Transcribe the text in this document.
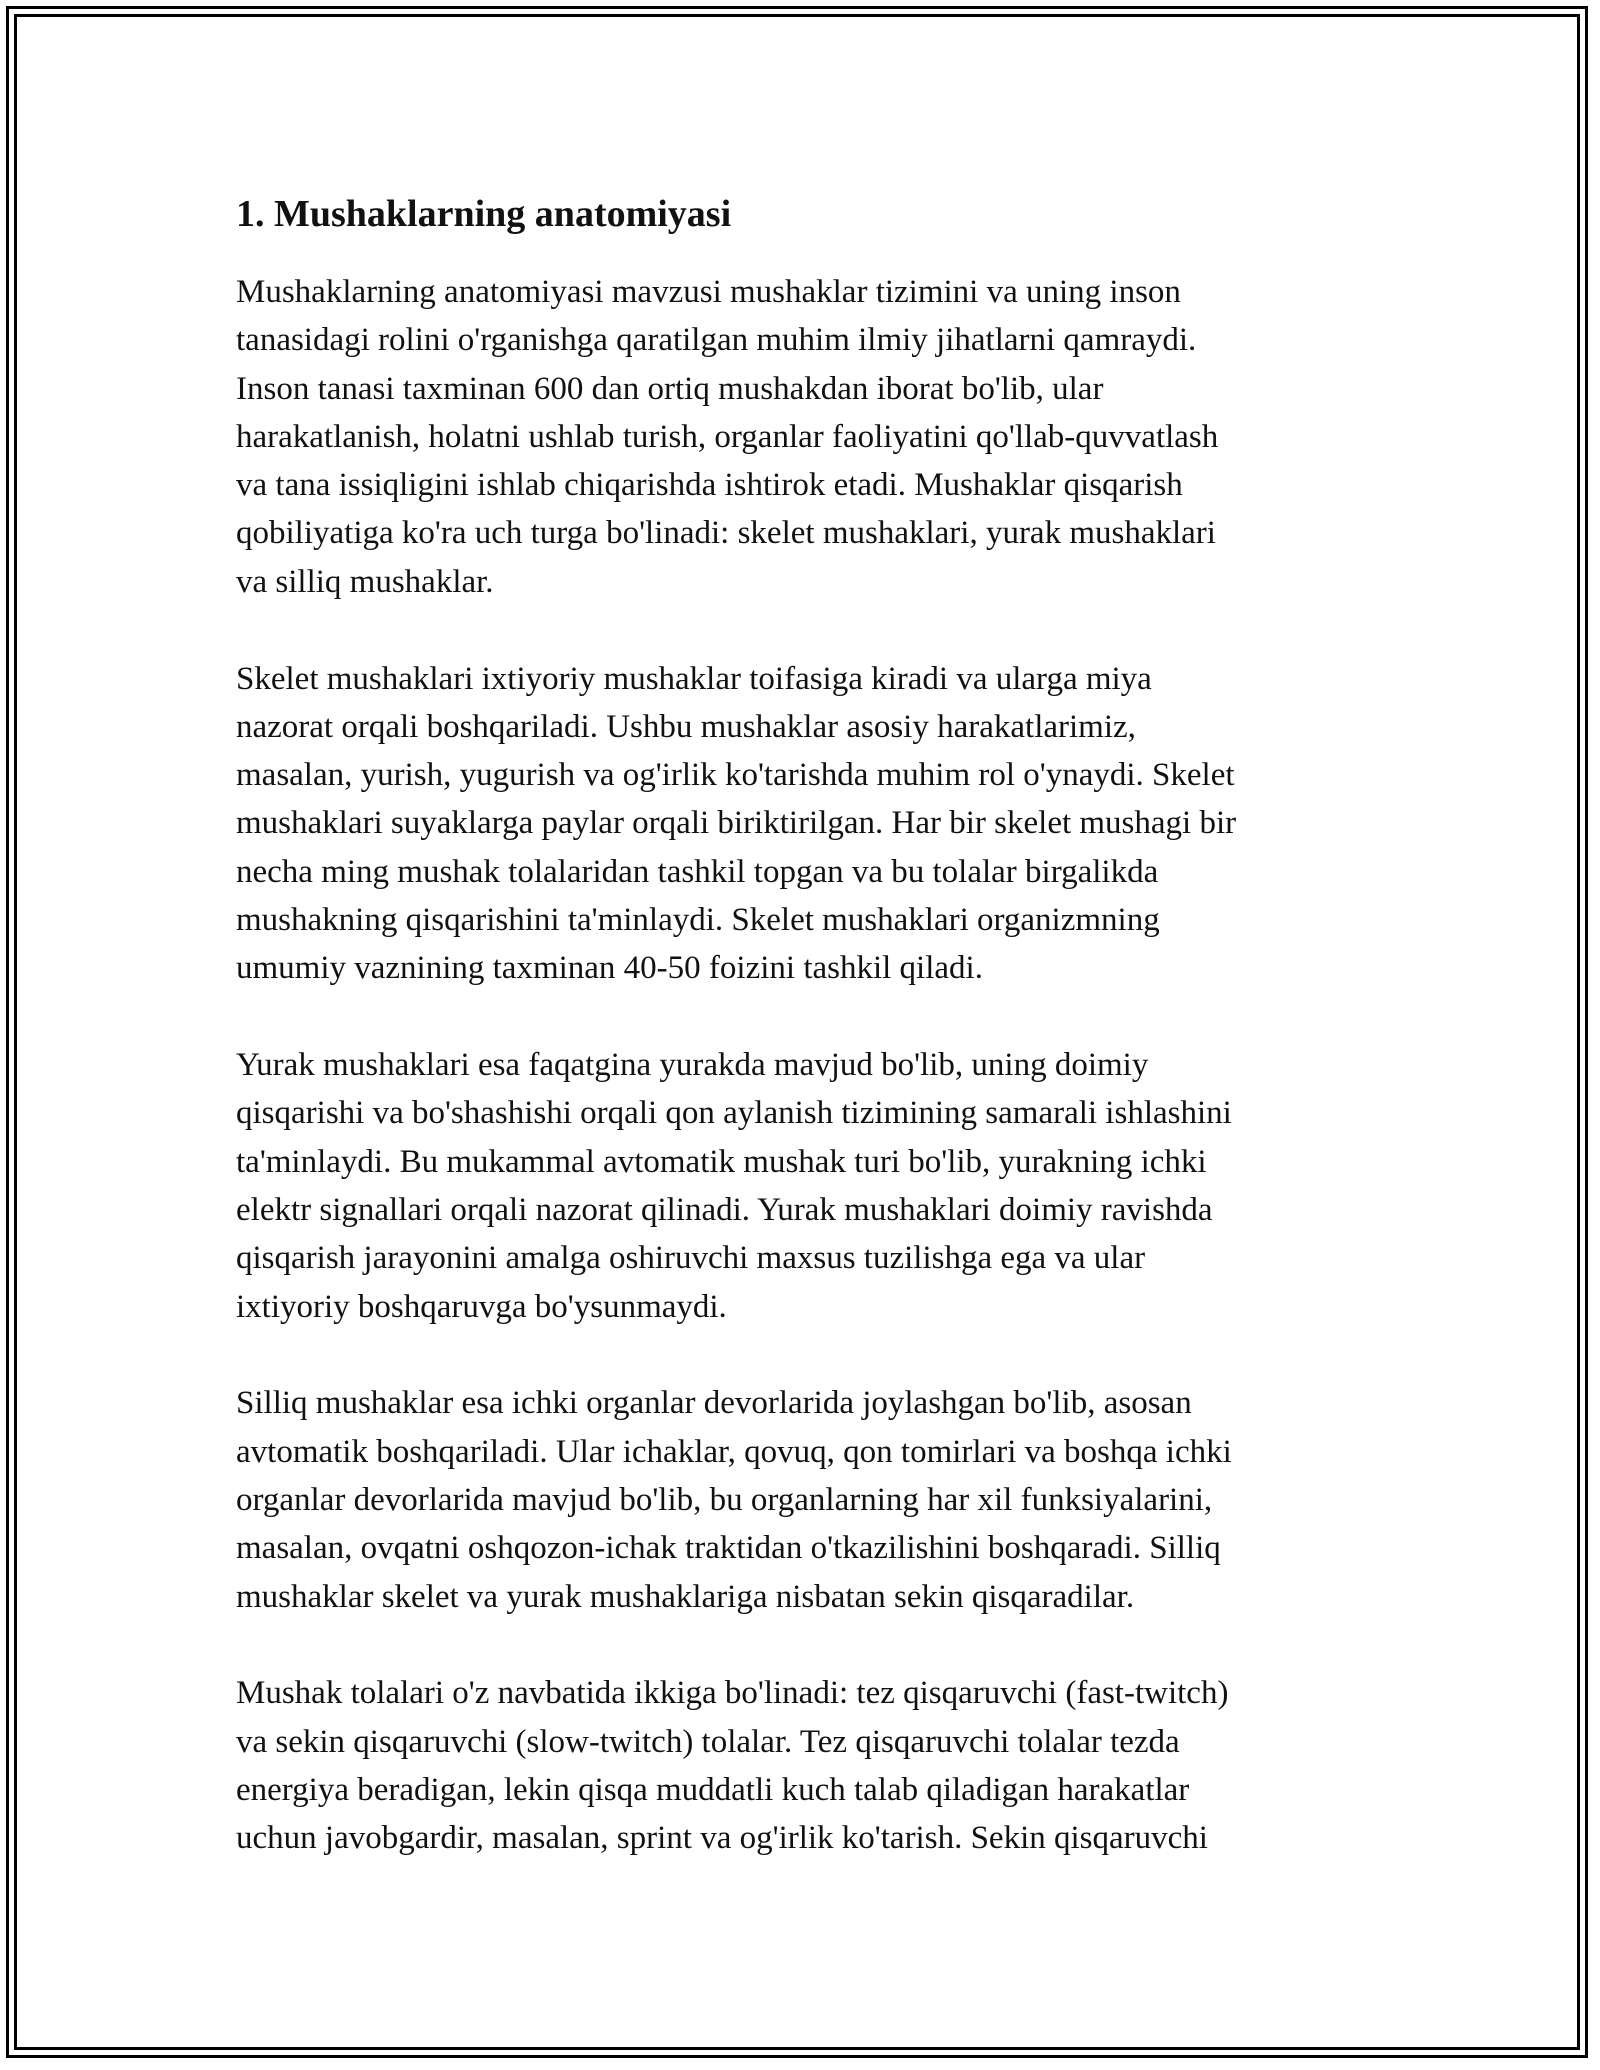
1. Mushaklarning anatomiyasi

Mushaklarning anatomiyasi mavzusi mushaklar tizimini va uning inson
tanasidagi rolini o'rganishga qaratilgan muhim ilmiy jihatlarni qamraydi.
Inson tanasi taxminan 600 dan ortiq mushakdan iborat bo'lib, ular
harakatlanish, holatni ushlab turish, organlar faoliyatini qo'llab-quvvatlash
va tana issiqligini ishlab chiqarishda ishtirok etadi. Mushaklar qisqarish
qobiliyatiga ko'ra uch turga bo'linadi: skelet mushaklari, yurak mushaklari
va silliq mushaklar.

Skelet mushaklari ixtiyoriy mushaklar toifasiga kiradi va ularga miya
nazorat orqali boshqariladi. Ushbu mushaklar asosiy harakatlarimiz,
masalan, yurish, yugurish va og'irlik ko'tarishda muhim rol o'ynaydi. Skelet
mushaklari suyaklarga paylar orqali biriktirilgan. Har bir skelet mushagi bir
necha ming mushak tolalaridan tashkil topgan va bu tolalar birgalikda
mushakning qisqarishini ta'minlaydi. Skelet mushaklari organizmning
umumiy vaznining taxminan 40-50 foizini tashkil qiladi.

Yurak mushaklari esa faqatgina yurakda mavjud bo'lib, uning doimiy
qisqarishi va bo'shashishi orqali qon aylanish tizimining samarali ishlashini
ta'minlaydi. Bu mukammal avtomatik mushak turi bo'lib, yurakning ichki
elektr signallari orqali nazorat qilinadi. Yurak mushaklari doimiy ravishda
qisqarish jarayonini amalga oshiruvchi maxsus tuzilishga ega va ular
ixtiyoriy boshqaruvga bo'ysunmaydi.

Silliq mushaklar esa ichki organlar devorlarida joylashgan bo'lib, asosan
avtomatik boshqariladi. Ular ichaklar, qovuq, qon tomirlari va boshqa ichki
organlar devorlarida mavjud bo'lib, bu organlarning har xil funksiyalarini,
masalan, ovqatni oshqozon-ichak traktidan o'tkazilishini boshqaradi. Silliq
mushaklar skelet va yurak mushaklariga nisbatan sekin qisqaradilar.

Mushak tolalari o'z navbatida ikkiga bo'linadi: tez qisqaruvchi (fast-twitch)
va sekin qisqaruvchi (slow-twitch) tolalar. Tez qisqaruvchi tolalar tezda
energiya beradigan, lekin qisqa muddatli kuch talab qiladigan harakatlar
uchun javobgardir, masalan, sprint va og'irlik ko'tarish. Sekin qisqaruvchi
